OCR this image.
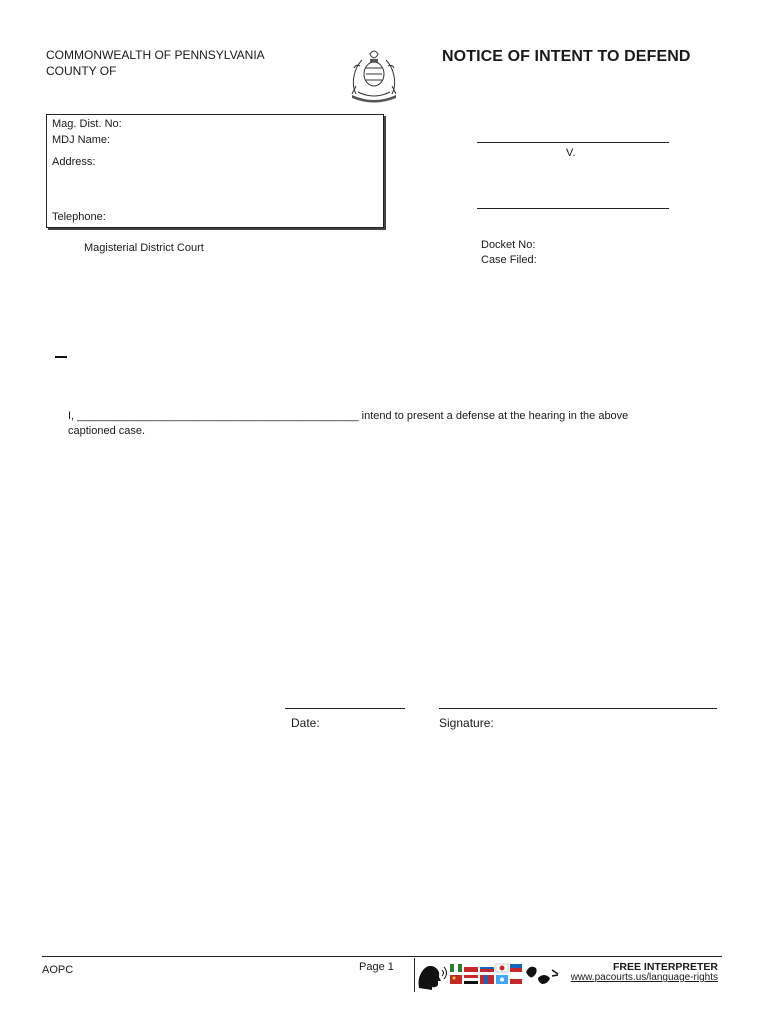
COMMONWEALTH OF PENNSYLVANIA
COUNTY OF
NOTICE OF INTENT TO DEFEND
Mag. Dist. No:
MDJ Name:
Address:
Telephone:
V.
Magisterial District Court	Docket No:
Case Filed:
I, ______________________________________________ intend to present a defense at the hearing in the above
captioned case.
Date:	Signature:
AOPC	Page 1	FREE INTERPRETER
www.pacourts.us/language-rights
